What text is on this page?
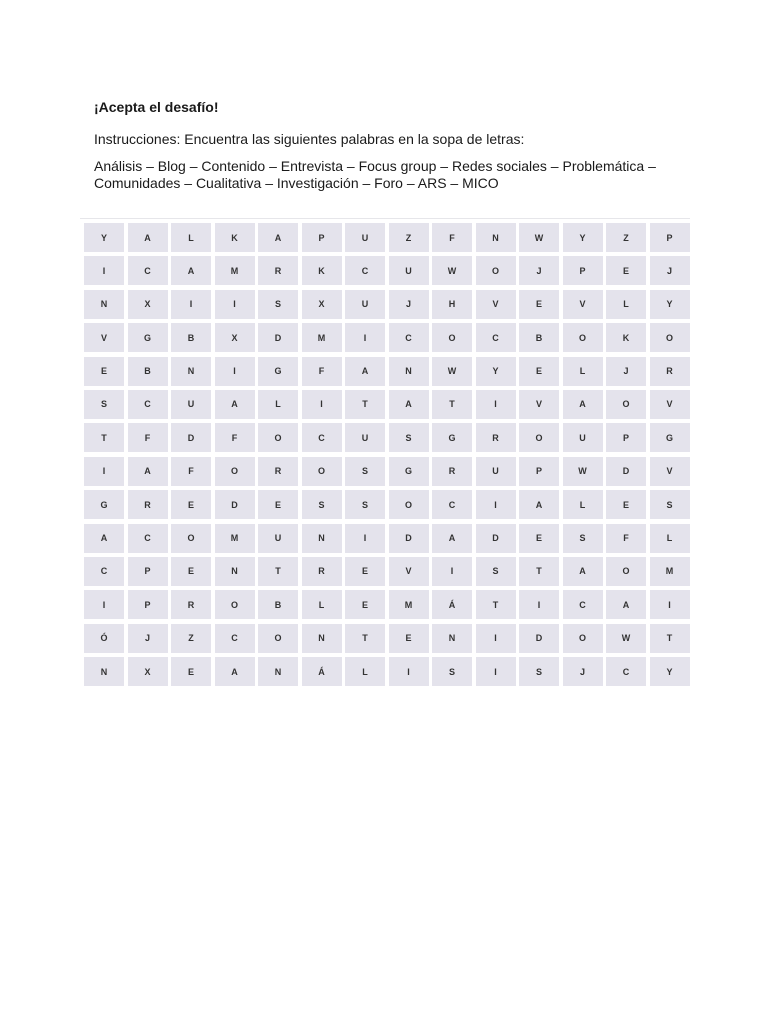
¡Acepta el desafío!

Instrucciones: Encuentra las siguientes palabras en la sopa de letras:

Análisis – Blog – Contenido – Entrevista – Focus group – Redes sociales – Problemática – Comunidades – Cualitativa – Investigación – Foro – ARS – MICO

Y	A	L	K	A	P	U	Z	F	N	W	Y	Z	P
I	C	A	M	R	K	C	U	W	O	J	P	E	J
N	X	I	I	S	X	U	J	H	V	E	V	L	Y
V	G	B	X	D	M	I	C	O	C	B	O	K	O
E	B	N	I	G	F	A	N	W	Y	E	L	J	R
S	C	U	A	L	I	T	A	T	I	V	A	O	V
T	F	D	F	O	C	U	S	G	R	O	U	P	G
I	A	F	O	R	O	S	G	R	U	P	W	D	V
G	R	E	D	E	S	S	O	C	I	A	L	E	S
A	C	O	M	U	N	I	D	A	D	E	S	F	L
C	P	E	N	T	R	E	V	I	S	T	A	O	M
I	P	R	O	B	L	E	M	Á	T	I	C	A	I
Ó	J	Z	C	O	N	T	E	N	I	D	O	W	T
N	X	E	A	N	Á	L	I	S	I	S	J	C	Y
